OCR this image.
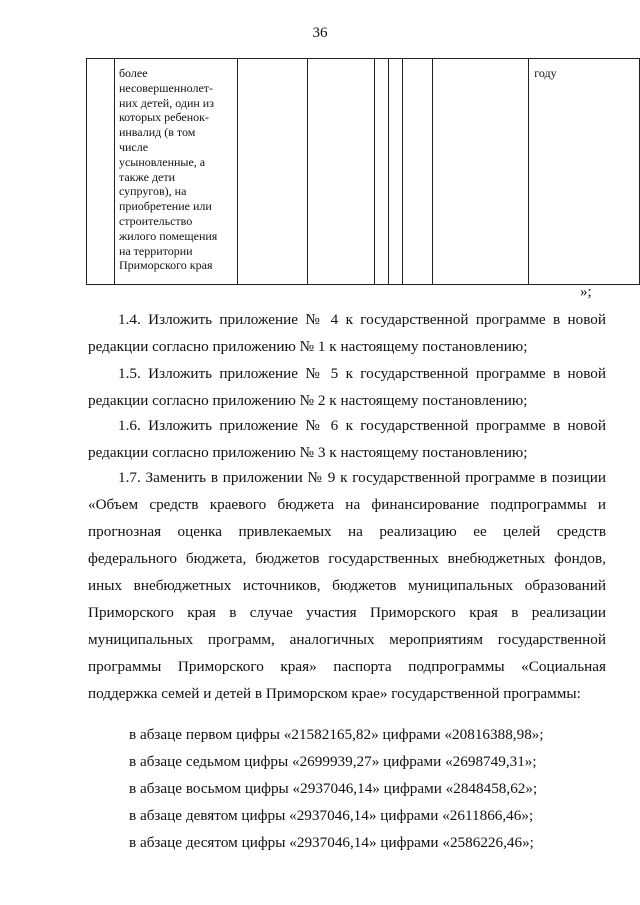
36

более
несовершеннолет-
них детей, один из
которых ребенок-
инвалид (в том
числе
усыновленные, а
также дети
супругов), на
приобретение или
строительство
жилого помещения
на территории
Приморского края

году
»;

1.4. Изложить приложение № 4 к государственной программе в новой редакции согласно приложению № 1 к настоящему постановлению;

1.5. Изложить приложение № 5 к государственной программе в новой редакции согласно приложению № 2 к настоящему постановлению;

1.6. Изложить приложение № 6 к государственной программе в новой редакции согласно приложению № 3 к настоящему постановлению;

1.7. Заменить в приложении № 9 к государственной программе в позиции «Объем средств краевого бюджета на финансирование подпрограммы и прогнозная оценка привлекаемых на реализацию ее целей средств федерального бюджета, бюджетов государственных внебюджетных фондов, иных внебюджетных источников, бюджетов муниципальных образований Приморского края в случае участия Приморского края в реализации муниципальных программ, аналогичных мероприятиям государственной программы Приморского края» паспорта подпрограммы «Социальная поддержка семей и детей в Приморском крае» государственной программы:

в абзаце первом цифры «21582165,82» цифрами «20816388,98»;
в абзаце седьмом цифры «2699939,27» цифрами «2698749,31»;
в абзаце восьмом цифры «2937046,14» цифрами «2848458,62»;
в абзаце девятом цифры «2937046,14» цифрами «2611866,46»;
в абзаце десятом цифры «2937046,14» цифрами «2586226,46»;
